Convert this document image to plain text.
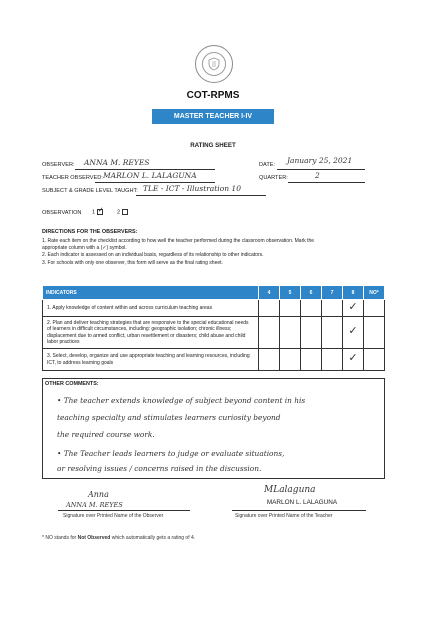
COT-RPMS
MASTER TEACHER I-IV
RATING SHEET
OBSERVER: ANNA M. REYES	DATE: January 25, 2021
TEACHER OBSERVED: MARLON L. LALAGUNA	QUARTER:	2
SUBJECT & GRADE LEVEL TAUGHT: TLE - ICT - Illustration 10
OBSERVATION 1 ✓ 2
DIRECTIONS FOR THE OBSERVERS:
1. Rate each item on the checklist according to how well the teacher performed during the classroom observation. Mark the
appropriate column with a (✓) symbol.
2. Each indicator is assessed on an individual basis, regardless of its relationship to other indicators.
3. For schools with only one observer, this form will serve as the final rating sheet.
INDICATORS	4	5	6	7	8	NO*
1. Apply knowledge of content within and across curriculum teaching areas					✓	
2. Plan and deliver teaching strategies that are responsive to the special educational needs of learners in difficult circumstances, including: geographic isolation; chronic illness; displacement due to armed conflict, urban resettlement or disasters; child abuse and child labor practices					✓	
3. Select, develop, organize and use appropriate teaching and learning resources, including ICT, to address learning goals					✓	
OTHER COMMENTS:
• The teacher extends knowledge of subject beyond content in his
teaching specialty and stimulates learners curiosity beyond
the required course work.
• The Teacher leads learners to judge or evaluate situations,
or resolving issues / concerns raised in the discussion.
Anna
ANNA M. REYES
Signature over Printed Name of the Observer
MLalaguna
MARLON L. LALAGUNA
Signature over Printed Name of the Teacher
* NO stands for Not Observed which automatically gets a rating of 4.
